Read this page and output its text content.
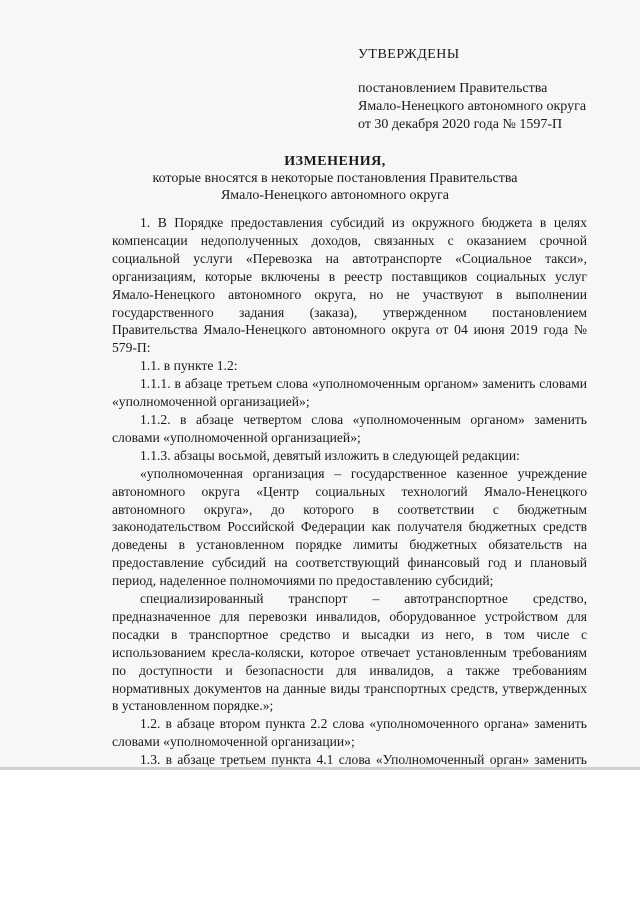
УТВЕРЖДЕНЫ
постановлением Правительства
Ямало-Ненецкого автономного округа
от 30 декабря 2020 года № 1597-П
ИЗМЕНЕНИЯ,
которые вносятся в некоторые постановления Правительства
Ямало-Ненецкого автономного округа

1. В Порядке предоставления субсидий из окружного бюджета в целях компенсации недополученных доходов, связанных с оказанием срочной социальной услуги «Перевозка на автотранспорте «Социальное такси», организациям, которые включены в реестр поставщиков социальных услуг Ямало-Ненецкого автономного округа, но не участвуют в выполнении государственного задания (заказа), утвержденном постановлением Правительства Ямало-Ненецкого автономного округа от 04 июня 2019 года № 579-П:

1.1. в пункте 1.2:

1.1.1. в абзаце третьем слова «уполномоченным органом» заменить словами «уполномоченной организацией»;

1.1.2. в абзаце четвертом слова «уполномоченным органом» заменить словами «уполномоченной организацией»;

1.1.3. абзацы восьмой, девятый изложить в следующей редакции:

«уполномоченная организация – государственное казенное учреждение автономного округа «Центр социальных технологий Ямало-Ненецкого автономного округа», до которого в соответствии с бюджетным законодательством Российской Федерации как получателя бюджетных средств доведены в установленном порядке лимиты бюджетных обязательств на предоставление субсидий на соответствующий финансовый год и плановый период, наделенное полномочиями по предоставлению субсидий;

специализированный транспорт – автотранспортное средство, предназначенное для перевозки инвалидов, оборудованное устройством для посадки в транспортное средство и высадки из него, в том числе с использованием кресла-коляски, которое отвечает установленным требованиям по доступности и безопасности для инвалидов, а также требованиям нормативных документов на данные виды транспортных средств, утвержденных в установленном порядке.»;

1.2. в абзаце втором пункта 2.2 слова «уполномоченного органа» заменить словами «уполномоченной организации»;

1.3. в абзаце третьем пункта 4.1 слова «Уполномоченный орган» заменить
